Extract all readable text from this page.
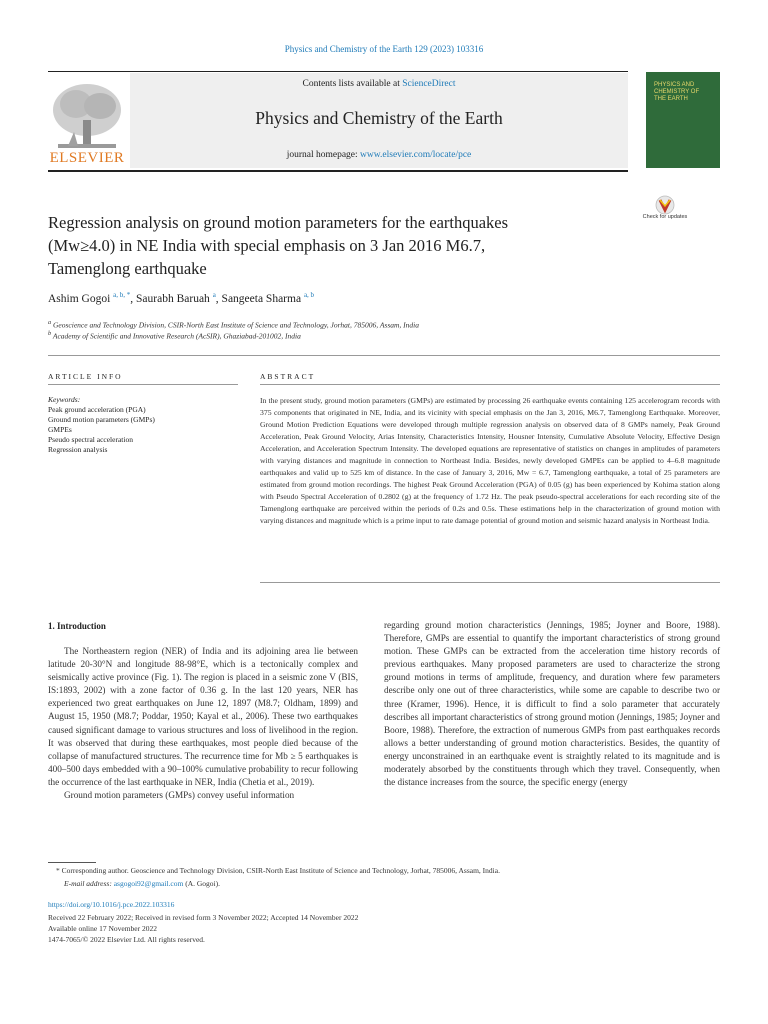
Physics and Chemistry of the Earth 129 (2023) 103316
Contents lists available at ScienceDirect
Physics and Chemistry of the Earth
journal homepage: www.elsevier.com/locate/pce
ELSEVIER
PHYSICS AND CHEMISTRY OF THE EARTH
Check for updates
Regression analysis on ground motion parameters for the earthquakes
(Mw≥4.0) in NE India with special emphasis on 3 Jan 2016 M6.7,
Tamenglong earthquake
Ashim Gogoi $^{a, b, *}$, Saurabh Baruah $^a$, Sangeeta Sharma $^{a, b}$
$^a$ Geoscience and Technology Division, CSIR-North East Institute of Science and Technology, Jorhat, 785006, Assam, India
$^b$ Academy of Scientific and Innovative Research (AcSIR), Ghaziabad-201002, India
ARTICLE INFO	ABSTRACT
Keywords:
Peak ground acceleration (PGA)
Ground motion parameters (GMPs)
GMPEs
Pseudo spectral acceleration
Regression analysis
In the present study, ground motion parameters (GMPs) are estimated by processing 26 earthquake events containing 125 accelerogram records with 375 components that originated in NE, India, and its vicinity with special emphasis on the Jan 3, 2016, M6.7, Tamenglong Earthquake. Moreover, Ground Motion Prediction Equations were developed through multiple regression analysis on observed data of 8 GMPs namely, Peak Ground Acceleration, Peak Ground Velocity, Arias Intensity, Characteristics Intensity, Housner Intensity, Cumulative Absolute Velocity, Effective Design Acceleration, and Acceleration Spectrum Intensity. The developed equations are representative of statistics on changes in amplitudes of parameters with varying distances and magnitude in connection to Northeast India. Besides, newly developed GMPEs can be applied to 4–6.8 magnitude earthquakes and valid up to 525 km of distance. In the case of January 3, 2016, Mw = 6.7, Tamenglong earthquake, a total of 25 parameters are estimated from ground motion recordings. The highest Peak Ground Acceleration (PGA) of 0.05 (g) has been experienced by Kohima station along with Pseudo Spectral Acceleration of 0.2802 (g) at the frequency of 1.72 Hz. The peak pseudo-spectral accelerations for each recording site of the Tamenglong earthquake are perceived within the periods of 0.2s and 0.5s. These estimations help in the characterization of ground motion with varying distances and magnitude which is a prime input to rate damage potential of ground motion and seismic hazard analysis in Northeast India.
1. Introduction

The Northeastern region (NER) of India and its adjoining area lie between latitude 20-30°N and longitude 88-98°E, which is a tectonically complex and seismically active province (Fig. 1). The region is placed in a seismic zone V (BIS, IS:1893, 2002) with a zone factor of 0.36 g. In the last 120 years, NER has experienced two great earthquakes on June 12, 1897 (M8.7; Oldham, 1899) and August 15, 1950 (M8.7; Poddar, 1950; Kayal et al., 2006). These two earthquakes caused significant damage to various structures and loss of livelihood in the region. It was observed that during these earthquakes, most people died because of the collapse of manufactured structures. The recurrence time for Mb ≥ 5 earthquakes is 400–500 days embedded with a 90–100% cumulative probability to recur following the occurrence of the last earthquake in NER, India (Chetia et al., 2019).

Ground motion parameters (GMPs) convey useful information

regarding ground motion characteristics (Jennings, 1985; Joyner and Boore, 1988). Therefore, GMPs are essential to quantify the important characteristics of strong ground motion. These GMPs can be extracted from the acceleration time history records of previous earthquakes. Many proposed parameters are used to characterize the strong ground motions in terms of amplitude, frequency, and duration where few parameters describe only one out of three characteristics, while some are capable to describe two or three (Kramer, 1996). Hence, it is difficult to find a solo parameter that accurately describes all important characteristics of strong ground motion (Jennings, 1985; Joyner and Boore, 1988). Therefore, the extraction of numerous GMPs from past earthquakes records allows a better understanding of ground motion characteristics. Besides, the quantity of energy unconstrained in an earthquake event is straightly related to its magnitude and is moderately absorbed by the constituents through which they travel. Consequently, when the distance increases from the source, the specific energy (energy

* Corresponding author. Geoscience and Technology Division, CSIR-North East Institute of Science and Technology, Jorhat, 785006, Assam, India.
E-mail address: asgogoi92@gmail.com (A. Gogoi).
https://doi.org/10.1016/j.pce.2022.103316
Received 22 February 2022; Received in revised form 3 November 2022; Accepted 14 November 2022
Available online 17 November 2022
1474-7065/© 2022 Elsevier Ltd. All rights reserved.
